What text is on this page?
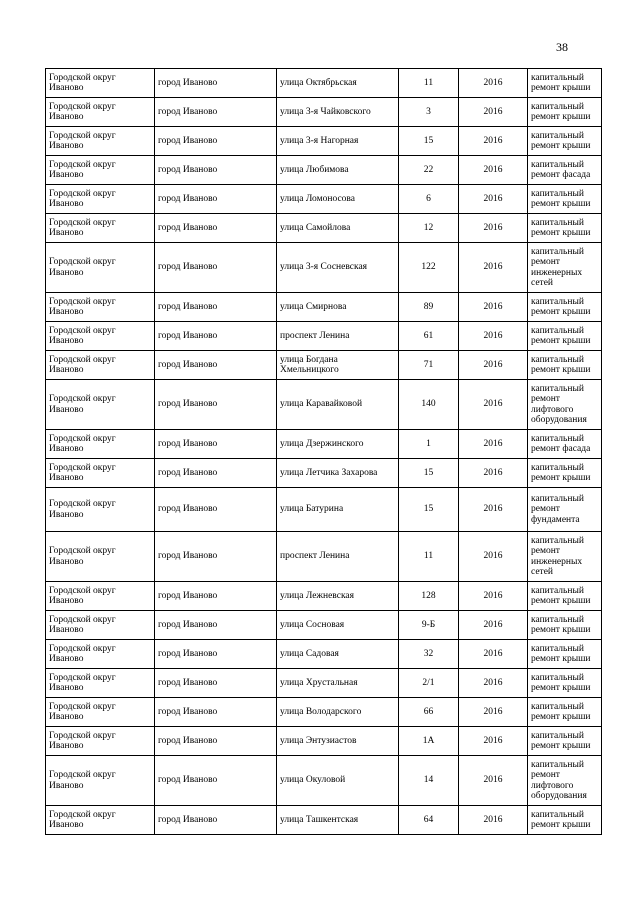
38
Городской округ Иваново	город Иваново	улица Октябрьская	11	2016	капитальный ремонт крыши
Городской округ Иваново	город Иваново	улица 3-я Чайковского	3	2016	капитальный ремонт крыши
Городской округ Иваново	город Иваново	улица 3-я Нагорная	15	2016	капитальный ремонт крыши
Городской округ Иваново	город Иваново	улица Любимова	22	2016	капитальный ремонт фасада
Городской округ Иваново	город Иваново	улица Ломоносова	6	2016	капитальный ремонт крыши
Городской округ Иваново	город Иваново	улица Самойлова	12	2016	капитальный ремонт крыши
Городской округ Иваново	город Иваново	улица 3-я Сосневская	122	2016	капитальный ремонт инженерных сетей
Городской округ Иваново	город Иваново	улица Смирнова	89	2016	капитальный ремонт крыши
Городской округ Иваново	город Иваново	проспект Ленина	61	2016	капитальный ремонт крыши
Городской округ Иваново	город Иваново	улица Богдана Хмельницкого	71	2016	капитальный ремонт крыши
Городской округ Иваново	город Иваново	улица Каравайковой	140	2016	капитальный ремонт лифтового оборудования
Городской округ Иваново	город Иваново	улица Дзержинского	1	2016	капитальный ремонт фасада
Городской округ Иваново	город Иваново	улица Летчика Захарова	15	2016	капитальный ремонт крыши
Городской округ Иваново	город Иваново	улица Батурина	15	2016	капитальный ремонт фундамента
Городской округ Иваново	город Иваново	проспект Ленина	11	2016	капитальный ремонт инженерных сетей
Городской округ Иваново	город Иваново	улица Лежневская	128	2016	капитальный ремонт крыши
Городской округ Иваново	город Иваново	улица Сосновая	9-Б	2016	капитальный ремонт крыши
Городской округ Иваново	город Иваново	улица Садовая	32	2016	капитальный ремонт крыши
Городской округ Иваново	город Иваново	улица Хрустальная	2/1	2016	капитальный ремонт крыши
Городской округ Иваново	город Иваново	улица Володарского	66	2016	капитальный ремонт крыши
Городской округ Иваново	город Иваново	улица Энтузиастов	1А	2016	капитальный ремонт крыши
Городской округ Иваново	город Иваново	улица Окуловой	14	2016	капитальный ремонт лифтового оборудования
Городской округ Иваново	город Иваново	улица Ташкентская	64	2016	капитальный ремонт крыши
